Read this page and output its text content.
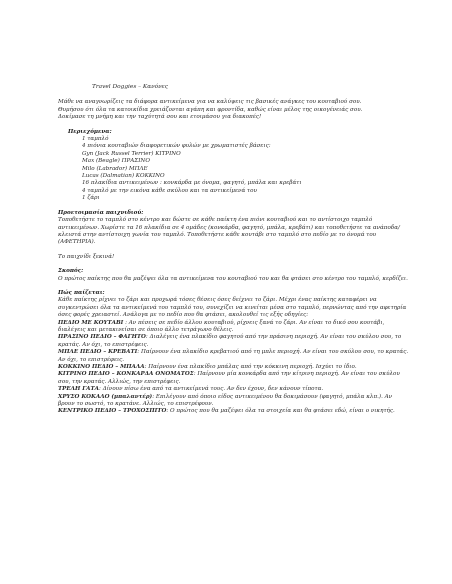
Travel Doggies – Κανόνες

Μάθε να αναγνωρίζεις τα διάφορα αντικείμενα για να καλύψεις τις βασικές ανάγκες του κουταβιού σου.

Θυμήσου ότι όλα τα κατοικίδια χρειάζονται αγάπη και φροντίδα, καθώς είναι μέλος της οικογένειάς σου.

Δοκίμασε τη μνήμη και την ταχύτητά σου και ετοιμάσου για διακοπές!

Περιεχόμενα:

1 ταμπλό

4 πιόνια κουταβιών διαφορετικών φυλών με χρωματιστές βάσεις:

Gyn (Jack Russel Terrier) ΚΙΤΡΙΝΟ

Max (Beagle) ΠΡΑΣΙΝΟ

Milo (Labrador) ΜΠΛΕ

Lucas (Dalmatian) ΚΟΚΚΙΝΟ

16 πλακίδια αντικειμένων : κονκάρδα με όνομα, φαγητό, μπάλα και κρεβάτι

4 ταμπλό με την εικόνα κάθε σκύλου και τα αντικείμενά του

1 ζάρι

Προετοιμασία παιχνιδιού:

Τοποθετήστε το ταμπλό στο κέντρο και δώστε σε κάθε παίκτη ένα πιόνι κουταβιού και το αντίστοιχο ταμπλό αντικειμένων. Χωρίστε τα 16 πλακίδια σε 4 ομάδες (κονκάρδα, φαγητό, μπάλα, κρεβάτι) και τοποθετήστε τα ανάποδα/κλειστά στην αντίστοιχη γωνία του ταμπλό. Τοποθετήστε κάθε κουτάβι στο ταμπλό στο πεδίο με το όνομά του (ΑΦΕΤΗΡΙΑ).

Το παιχνίδι ξεκινά!

Σκοπός:

Ο πρώτος παίκτης που θα μαζέψει όλα τα αντικείμενα του κουταβιού του και θα φτάσει στο κέντρο του ταμπλό, κερδίζει.

Πώς παίζεται:

Κάθε παίκτης ρίχνει το ζάρι και προχωρά τόσες θέσεις όσες δείχνει το ζάρι. Μέχρι ένας παίκτης καταφέρει να συγκεντρώσει όλα τα αντικείμενά του ταμπλό του, συνεχίζει να κινείται μέσα στο ταμπλό, περνώντας από την αφετηρία όσες φορές χρειαστεί. Ανάλογα με το πεδίο που θα φτάσει, ακολουθεί τις εξής οδηγίες:

ΠΕΔΙΟ ΜΕ ΚΟΥΤΑΒΙ : Αν πέσεις σε πεδίο άλλου κουταβιού, ρίχνεις ξανά το ζάρι. Αν είναι το δικό σου κουτάβι, διαλέγεις και μετακινείσαι σε όποιο άλλο τετράγωνο θέλεις.

ΠΡΑΣΙΝΟ ΠΕΔΙΟ – ΦΑΓΗΤΟ: Διαλέγεις ένα πλακίδιο φαγητού από την πράσινη περιοχή. Αν είναι του σκύλου σου, το κρατάς. Αν όχι, το επιστρέφεις.

ΜΠΛΕ ΠΕΔΙΟ – ΚΡΕΒΑΤΙ: Παίρνουν ένα πλακίδιο κρεβατιού από τη μπλε περιοχή. Αν είναι του σκύλου σου, το κρατάς. Αν όχι, το επιστρέφεις.

ΚΟΚΚΙΝΟ ΠΕΔΙΟ – ΜΠΑΛΑ: Παίρνουν ένα πλακίδιο μπάλας από την κόκκινη περιοχή. Ισχύει το ίδιο.

ΚΙΤΡΙΝΟ ΠΕΔΙΟ – ΚΟΝΚΑΡΔΑ ΟΝΟΜΑΤΟΣ: Παίρνουν μία κονκάρδα από την κίτρινη περιοχή. Αν είναι του σκύλου σου, την κρατάς. Αλλιώς, την επιστρέφεις.

ΤΡΕΛΗ ΓΑΤΑ: Δίνουν πίσω ένα από τα αντικείμενά τους. Αν δεν έχουν, δεν κάνουν τίποτα.

ΧΡΥΣΟ ΚΟΚΑΛΟ (μπαλαντέρ): Επιλέγουν από όποιο είδος αντικειμένου θα δοκιμάσουν (φαγητό, μπάλα κλπ.). Αν βρουν το σωστό, το κρατάνε. Αλλιώς, το επιστρέφουν.

ΚΕΝΤΡΙΚΟ ΠΕΔΙΟ – ΤΡΟΧΟΣΠΙΤΟ: Ο πρώτος που θα μαζέψει όλα τα στοιχεία και θα φτάσει εδώ, είναι ο νικητής.
